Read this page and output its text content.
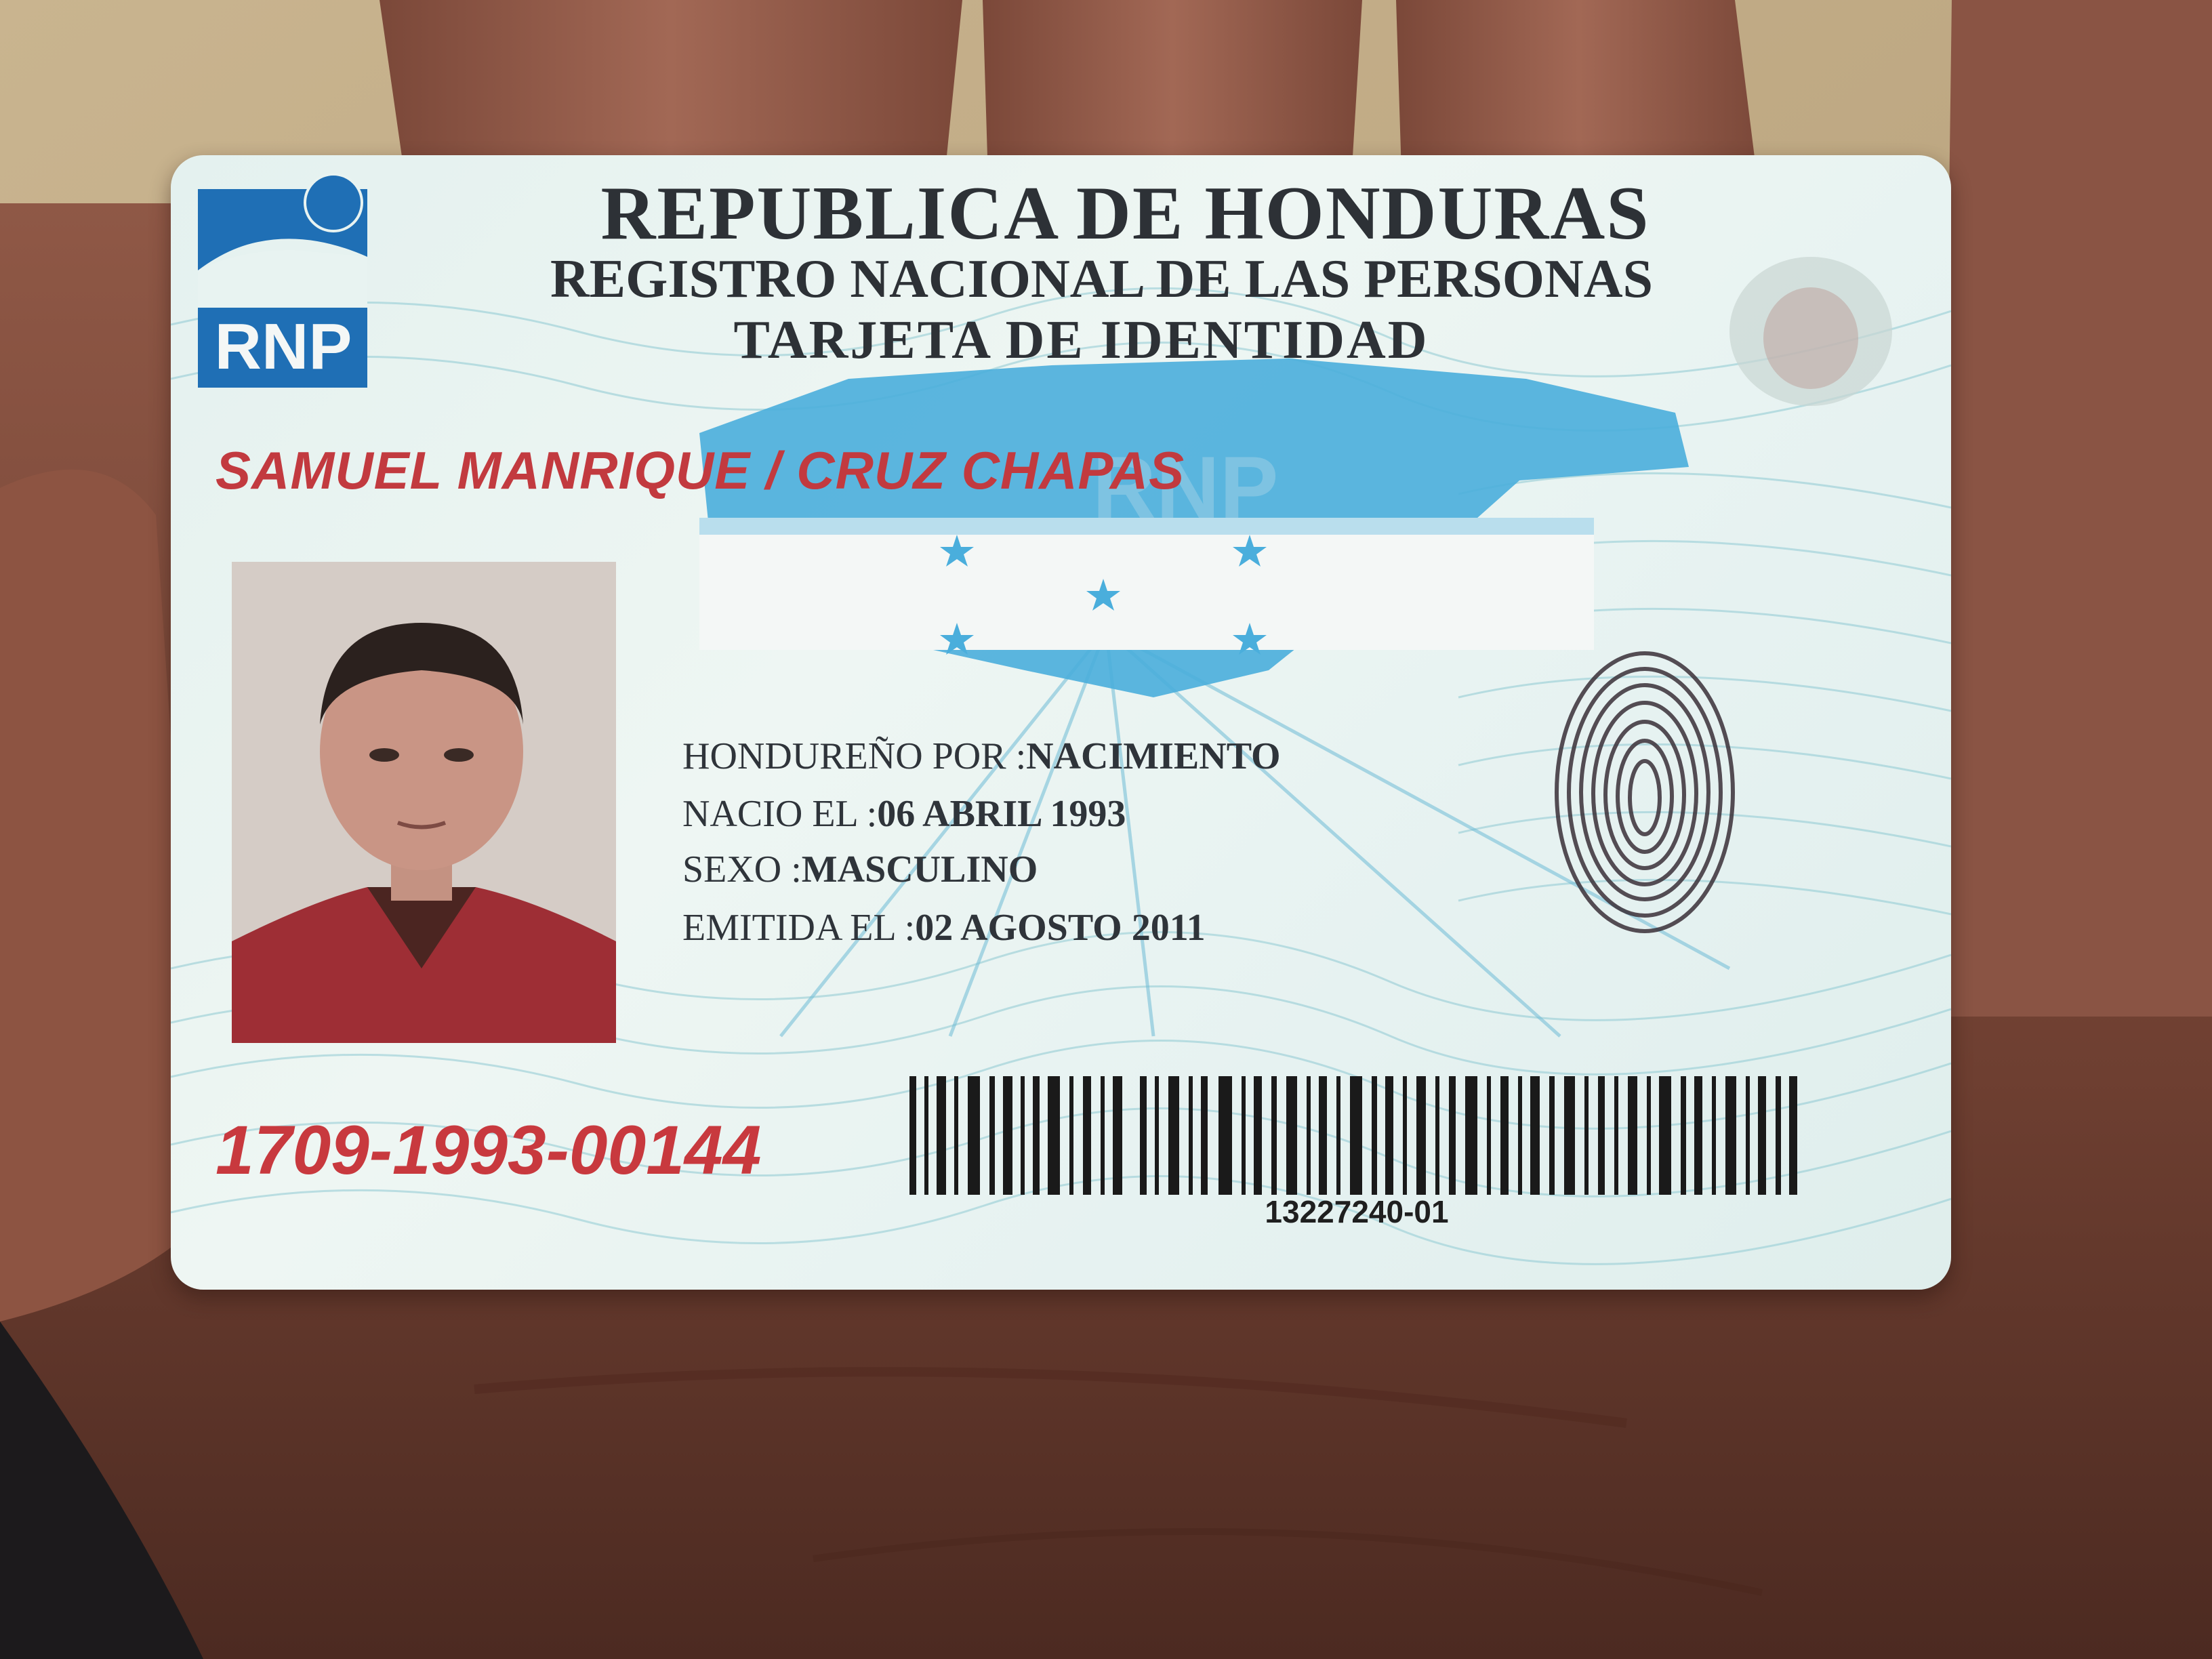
RNP
RNP
REPUBLICA DE HONDURAS
REGISTRO NACIONAL DE LAS PERSONAS
TARJETA DE IDENTIDAD
SAMUEL MANRIQUE / CRUZ CHAPAS
HONDUREÑO POR :NACIMIENTO
NACIO EL :06 ABRIL 1993
SEXO :MASCULINO
EMITIDA EL :02 AGOSTO 2011
1709-1993-00144
13227240-01
